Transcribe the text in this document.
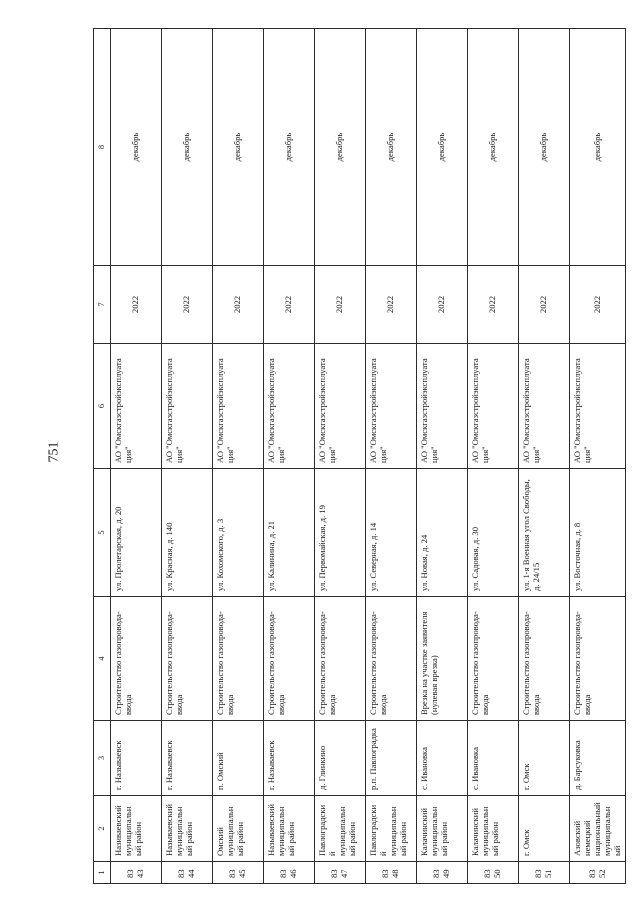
751
1	2	3	4	5	6	7	8
8343	Називаевский муниципальный район	г. Называевск	Строительство газопровода-ввода	ул. Пролетарская, д. 20	АО "Омскгазстройэксплуата ция"	2022	декабрь
8344	Называевский муниципальный район	г. Называевск	Строительство газопровода-ввода	ул. Красная, д. 140	АО "Омскгазстройэксплуата ция"	2022	декабрь
8345	Омский муниципальный район	п. Омский	Строительство газопровода-ввода	ул. Кохомского, д. 3	АО "Омскгазстройэксплуата ция"	2022	декабрь
8346	Называевский муниципальный район	г. Называевск	Строительство газопровода-ввода	ул. Калинина, д. 21	АО "Омскгазстройэксплуата ция"	2022	декабрь
8347	Павлоградский муниципальный район	д. Глинкино	Строительство газопровода-ввода	ул. Первомайская, д. 19	АО "Омскгазстройэксплуата ция"	2022	декабрь
8348	Павлоградский муниципальный район	р.п. Павлоградка	Строительство газопровода-ввода	ул. Северная, д. 14	АО "Омскгазстройэксплуата ция"	2022	декабрь
8349	Калачинский муниципальный район	с. Ивановка	Врезка на участке заявителя (нулевая врезка)	ул. Новая, д. 24	АО "Омскгазстройэксплуата ция"	2022	декабрь
8350	Калачинский муниципальный район	с. Ивановка	Строительство газопровода-ввода	ул. Садовая, д. 30	АО "Омскгазстройэксплуата ция"	2022	декабрь
8351	г. Омск	г. Омск	Строительство газопровода-ввода	ул. 1-я Военная угол Свободы, д. 24/15	АО "Омскгазстройэксплуата ция"	2022	декабрь
8352	Азовский немецкий национальный муниципальный	д. Барсуковка	Строительство газопровода-ввода	ул. Восточная, д. 8	АО "Омскгазстройэксплуата ция"	2022	декабрь
